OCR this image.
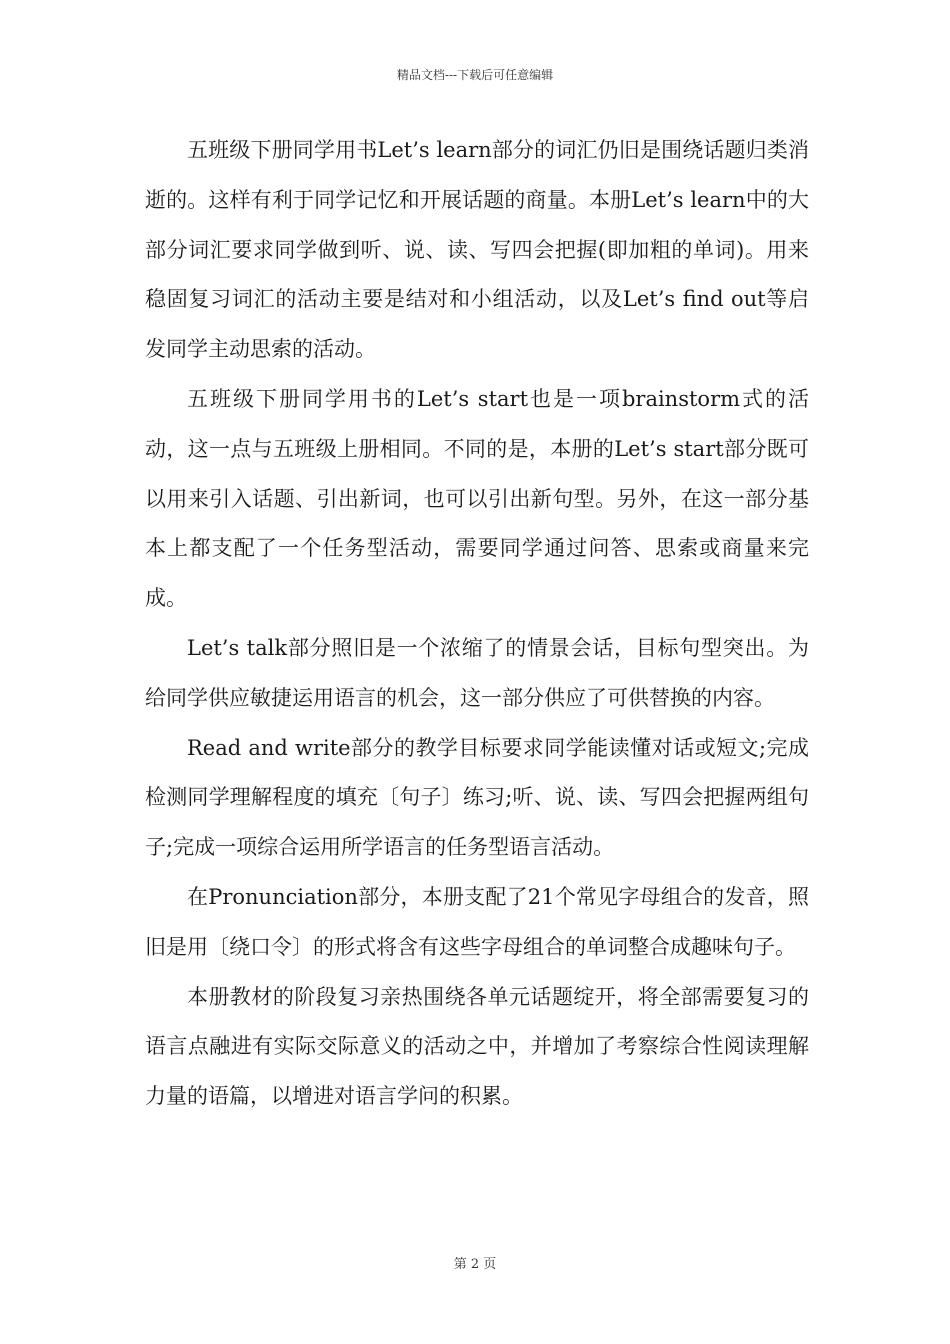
精品文档---下载后可任意编辑

五班级下册同学用书Let’s learn部分的词汇仍旧是围绕话题归类消逝的。这样有利于同学记忆和开展话题的商量。本册Let’s learn中的大部分词汇要求同学做到听、说、读、写四会把握(即加粗的单词)。用来稳固复习词汇的活动主要是结对和小组活动，以及Let’s find out等启发同学主动思索的活动。

五班级下册同学用书的Let’s start也是一项brainstorm式的活动，这一点与五班级上册相同。不同的是，本册的Let’s start部分既可以用来引入话题、引出新词，也可以引出新句型。另外，在这一部分基本上都支配了一个任务型活动，需要同学通过问答、思索或商量来完成。

Let’s talk部分照旧是一个浓缩了的情景会话，目标句型突出。为给同学供应敏捷运用语言的机会，这一部分供应了可供替换的内容。

Read and write部分的教学目标要求同学能读懂对话或短文;完成检测同学理解程度的填充〔句子〕练习;听、说、读、写四会把握两组句子;完成一项综合运用所学语言的任务型语言活动。

在Pronunciation部分，本册支配了21个常见字母组合的发音，照旧是用〔绕口令〕的形式将含有这些字母组合的单词整合成趣味句子。

本册教材的阶段复习亲热围绕各单元话题绽开，将全部需要复习的语言点融进有实际交际意义的活动之中，并增加了考察综合性阅读理解力量的语篇，以增进对语言学问的积累。

第 2 页
